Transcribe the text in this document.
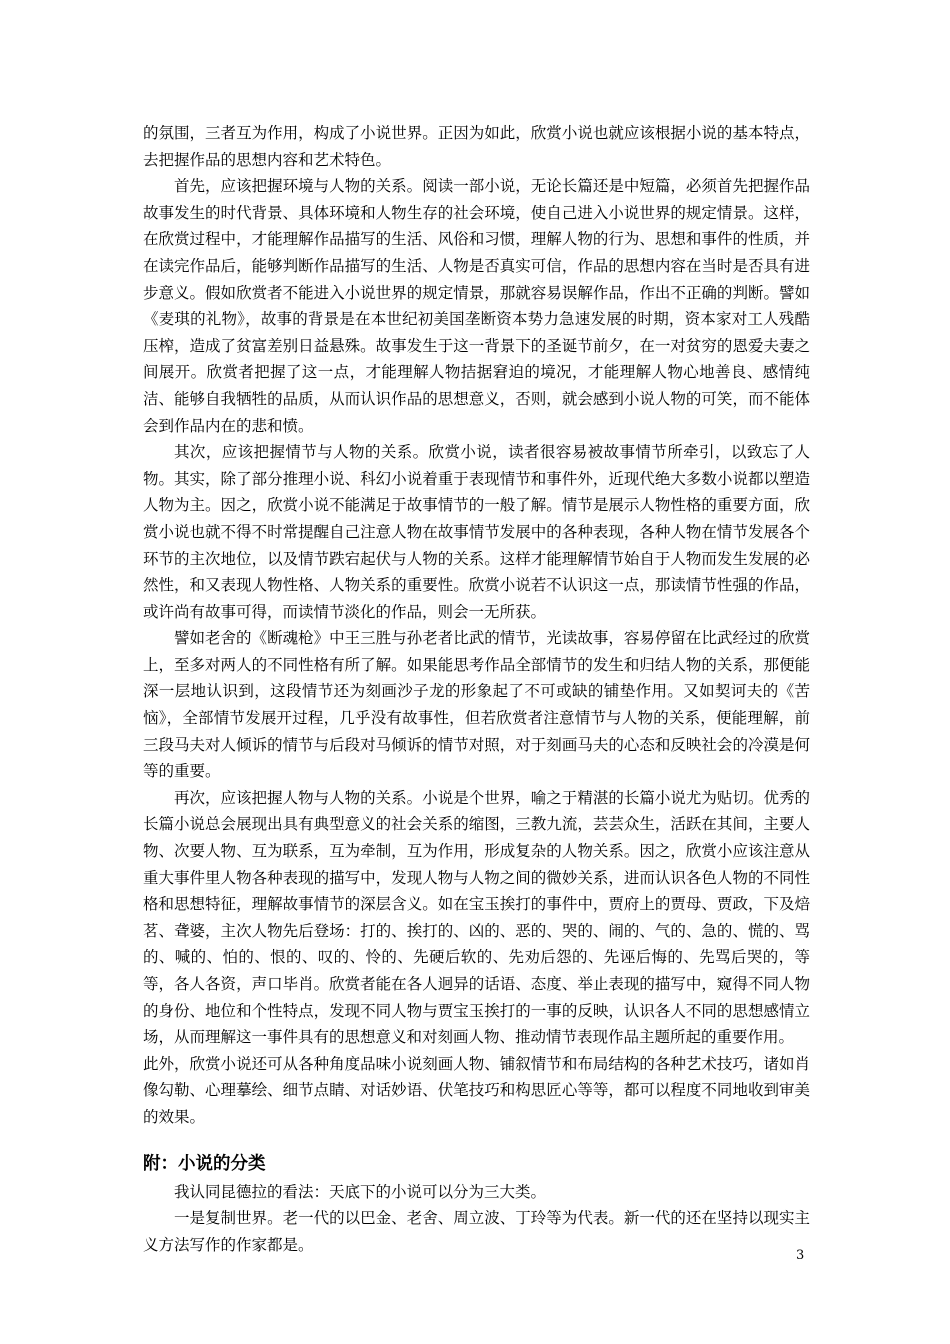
的氛围，三者互为作用，构成了小说世界。正因为如此，欣赏小说也就应该根据小说的基本特点，去把握作品的思想内容和艺术特色。

首先，应该把握环境与人物的关系。阅读一部小说，无论长篇还是中短篇，必须首先把握作品故事发生的时代背景、具体环境和人物生存的社会环境，使自己进入小说世界的规定情景。这样，在欣赏过程中，才能理解作品描写的生活、风俗和习惯，理解人物的行为、思想和事件的性质，并在读完作品后，能够判断作品描写的生活、人物是否真实可信，作品的思想内容在当时是否具有进步意义。假如欣赏者不能进入小说世界的规定情景，那就容易误解作品，作出不正确的判断。譬如《麦琪的礼物》，故事的背景是在本世纪初美国垄断资本势力急速发展的时期，资本家对工人残酷压榨，造成了贫富差别日益悬殊。故事发生于这一背景下的圣诞节前夕，在一对贫穷的恩爱夫妻之间展开。欣赏者把握了这一点，才能理解人物拮据窘迫的境况，才能理解人物心地善良、感情纯洁、能够自我牺牲的品质，从而认识作品的思想意义，否则，就会感到小说人物的可笑，而不能体会到作品内在的悲和愤。

其次，应该把握情节与人物的关系。欣赏小说，读者很容易被故事情节所牵引，以致忘了人物。其实，除了部分推理小说、科幻小说着重于表现情节和事件外，近现代绝大多数小说都以塑造人物为主。因之，欣赏小说不能满足于故事情节的一般了解。情节是展示人物性格的重要方面，欣赏小说也就不得不时常提醒自己注意人物在故事情节发展中的各种表现，各种人物在情节发展各个环节的主次地位，以及情节跌宕起伏与人物的关系。这样才能理解情节始自于人物而发生发展的必然性，和又表现人物性格、人物关系的重要性。欣赏小说若不认识这一点，那读情节性强的作品，或许尚有故事可得，而读情节淡化的作品，则会一无所获。

譬如老舍的《断魂枪》中王三胜与孙老者比武的情节，光读故事，容易停留在比武经过的欣赏上，至多对两人的不同性格有所了解。如果能思考作品全部情节的发生和归结人物的关系，那便能深一层地认识到，这段情节还为刻画沙子龙的形象起了不可或缺的铺垫作用。又如契诃夫的《苦恼》，全部情节发展开过程，几乎没有故事性，但若欣赏者注意情节与人物的关系，便能理解，前三段马夫对人倾诉的情节与后段对马倾诉的情节对照，对于刻画马夫的心态和反映社会的冷漠是何等的重要。

再次，应该把握人物与人物的关系。小说是个世界，喻之于精湛的长篇小说尤为贴切。优秀的长篇小说总会展现出具有典型意义的社会关系的缩图，三教九流，芸芸众生，活跃在其间，主要人物、次要人物、互为联系，互为牵制，互为作用，形成复杂的人物关系。因之，欣赏小应该注意从重大事件里人物各种表现的描写中，发现人物与人物之间的微妙关系，进而认识各色人物的不同性格和思想特征，理解故事情节的深层含义。如在宝玉挨打的事件中，贾府上的贾母、贾政，下及焙茗、聋婆，主次人物先后登场：打的、挨打的、凶的、恶的、哭的、闹的、气的、急的、慌的、骂的、喊的、怕的、恨的、叹的、怜的、先硬后软的、先劝后怨的、先诬后悔的、先骂后哭的，等等，各人各资，声口毕肖。欣赏者能在各人迥异的话语、态度、举止表现的描写中，窥得不同人物的身份、地位和个性特点，发现不同人物与贾宝玉挨打的一事的反映，认识各人不同的思想感情立场，从而理解这一事件具有的思想意义和对刻画人物、推动情节表现作品主题所起的重要作用。

此外，欣赏小说还可从各种角度品味小说刻画人物、铺叙情节和布局结构的各种艺术技巧，诸如肖像勾勒、心理摹绘、细节点睛、对话妙语、伏笔技巧和构思匠心等等，都可以程度不同地收到审美的效果。

附：小说的分类

我认同昆德拉的看法：天底下的小说可以分为三大类。

一是复制世界。老一代的以巴金、老舍、周立波、丁玲等为代表。新一代的还在坚持以现实主义方法写作的作家都是。

3
